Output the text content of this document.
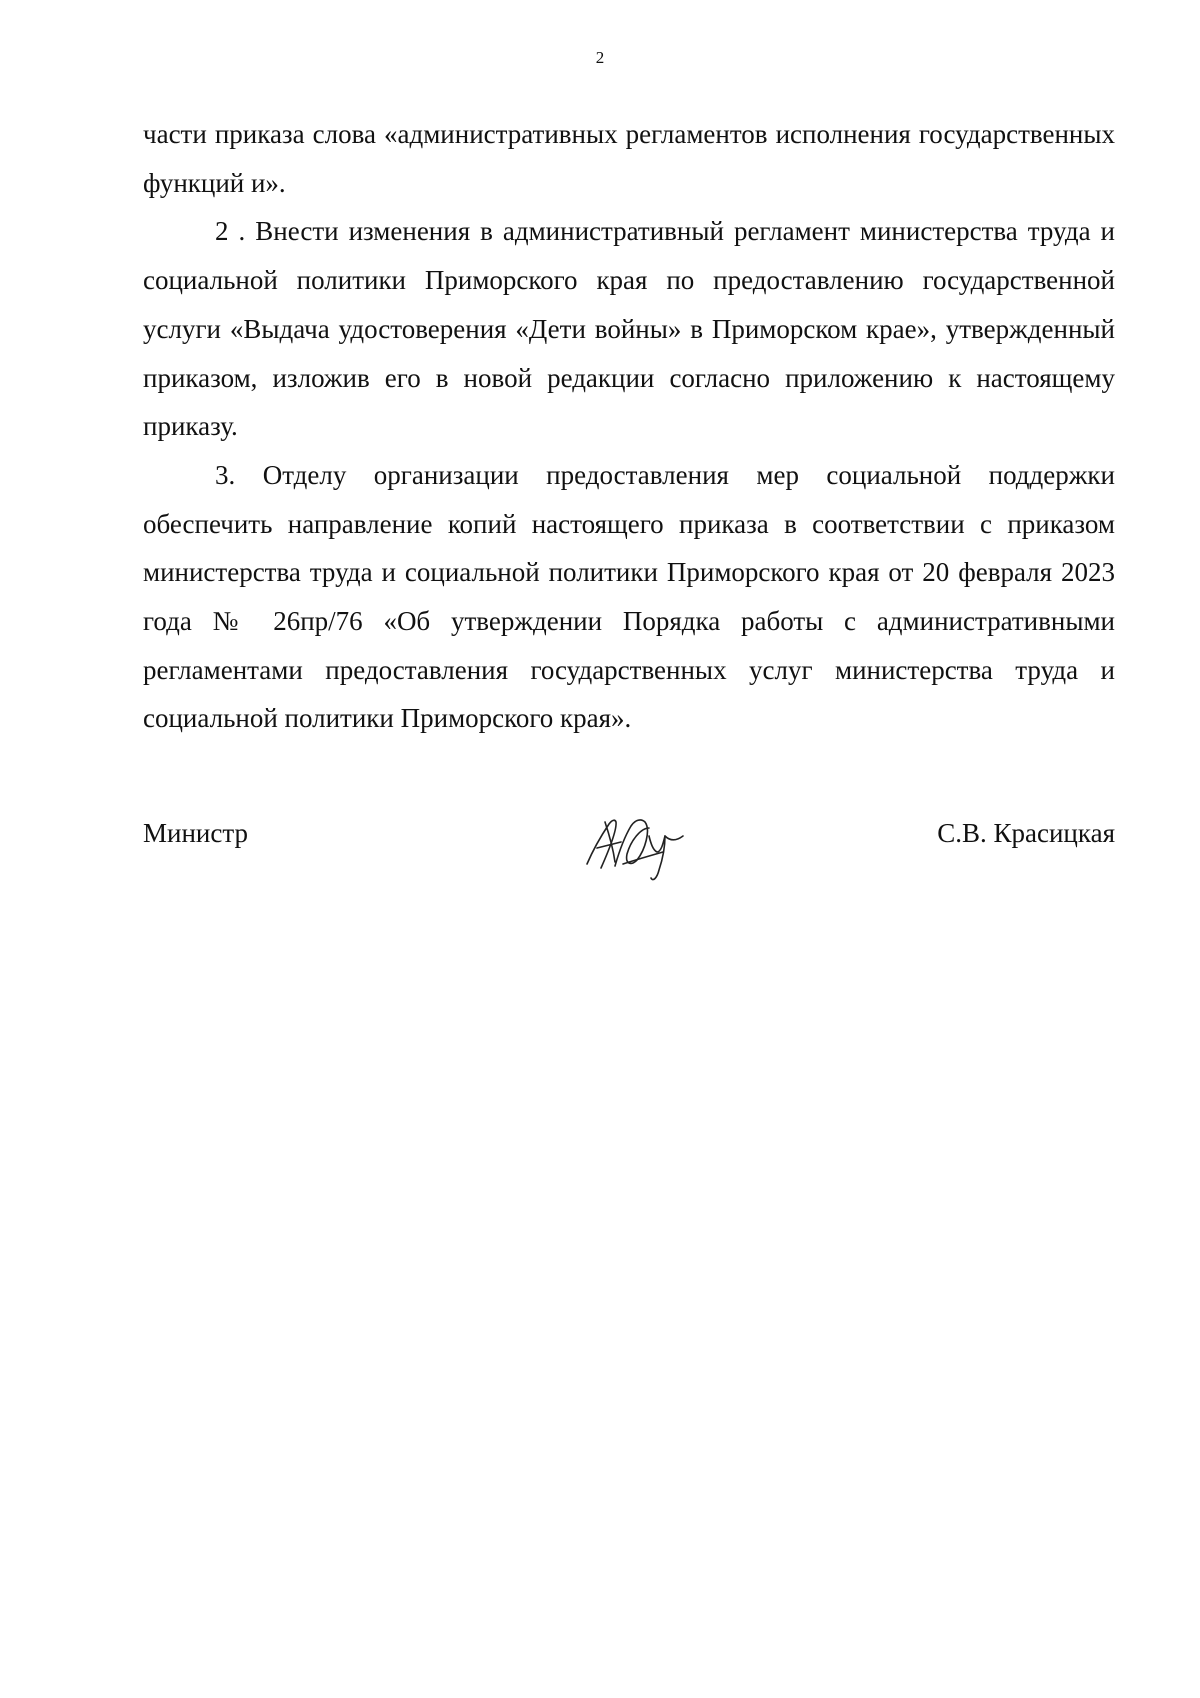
2

части приказа слова «административных регламентов исполнения государственных функций и».

2 . Внести изменения в административный регламент министерства труда и социальной политики Приморского края по предоставлению государственной услуги «Выдача удостоверения «Дети войны» в Приморском крае», утвержденный приказом, изложив его в новой редакции согласно приложению к настоящему приказу.

3. Отделу организации предоставления мер социальной поддержки обеспечить направление копий настоящего приказа в соответствии с приказом министерства труда и социальной политики Приморского края от 20 февраля 2023 года № 26пр/76 «Об утверждении Порядка работы с административными регламентами предоставления государственных услуг министерства труда и социальной политики Приморского края».

Министр	С.В. Красицкая
